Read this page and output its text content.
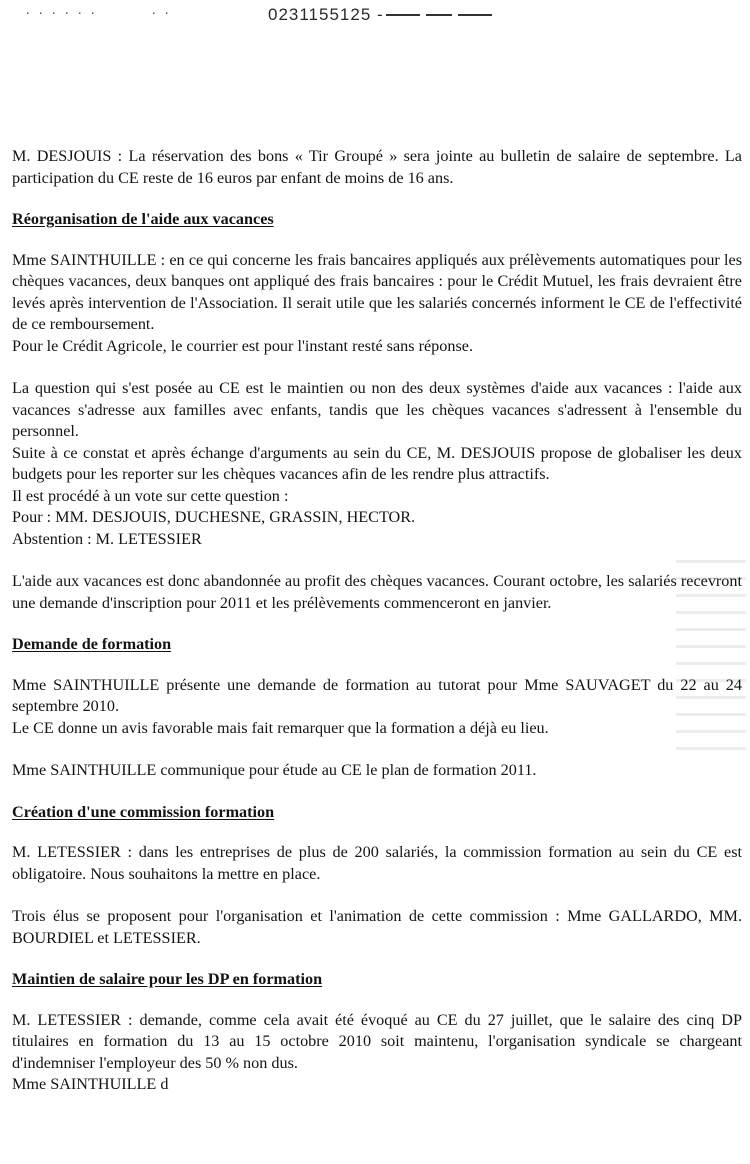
. . . . . .	. .	0231155125 -

M. DESJOUIS : La réservation des bons « Tir Groupé » sera jointe au bulletin de salaire de septembre. La participation du CE reste de 16 euros par enfant de moins de 16 ans.

Réorganisation de l'aide aux vacances

Mme SAINTHUILLE : en ce qui concerne les frais bancaires appliqués aux prélèvements automatiques pour les chèques vacances, deux banques ont appliqué des frais bancaires : pour le Crédit Mutuel, les frais devraient être levés après intervention de l'Association. Il serait utile que les salariés concernés informent le CE de l'effectivité de ce remboursement.

Pour le Crédit Agricole, le courrier est pour l'instant resté sans réponse.

La question qui s'est posée au CE est le maintien ou non des deux systèmes d'aide aux vacances : l'aide aux vacances s'adresse aux familles avec enfants, tandis que les chèques vacances s'adressent à l'ensemble du personnel.

Suite à ce constat et après échange d'arguments au sein du CE, M. DESJOUIS propose de globaliser les deux budgets pour les reporter sur les chèques vacances afin de les rendre plus attractifs.

Il est procédé à un vote sur cette question :

Pour : MM. DESJOUIS, DUCHESNE, GRASSIN, HECTOR.

Abstention : M. LETESSIER

L'aide aux vacances est donc abandonnée au profit des chèques vacances. Courant octobre, les salariés recevront une demande d'inscription pour 2011 et les prélèvements commenceront en janvier.

Demande de formation

Mme SAINTHUILLE présente une demande de formation au tutorat pour Mme SAUVAGET du 22 au 24 septembre 2010.

Le CE donne un avis favorable mais fait remarquer que la formation a déjà eu lieu.

Mme SAINTHUILLE communique pour étude au CE le plan de formation 2011.

Création d'une commission formation

M. LETESSIER : dans les entreprises de plus de 200 salariés, la commission formation au sein du CE est obligatoire. Nous souhaitons la mettre en place.

Trois élus se proposent pour l'organisation et l'animation de cette commission : Mme GALLARDO, MM. BOURDIEL et LETESSIER.

Maintien de salaire pour les DP en formation

M. LETESSIER : demande, comme cela avait été évoqué au CE du 27 juillet, que le salaire des cinq DP titulaires en formation du 13 au 15 octobre 2010 soit maintenu, l'organisation syndicale se chargeant d'indemniser l'employeur des 50 % non dus.

Mme SAINTHUILLE d
